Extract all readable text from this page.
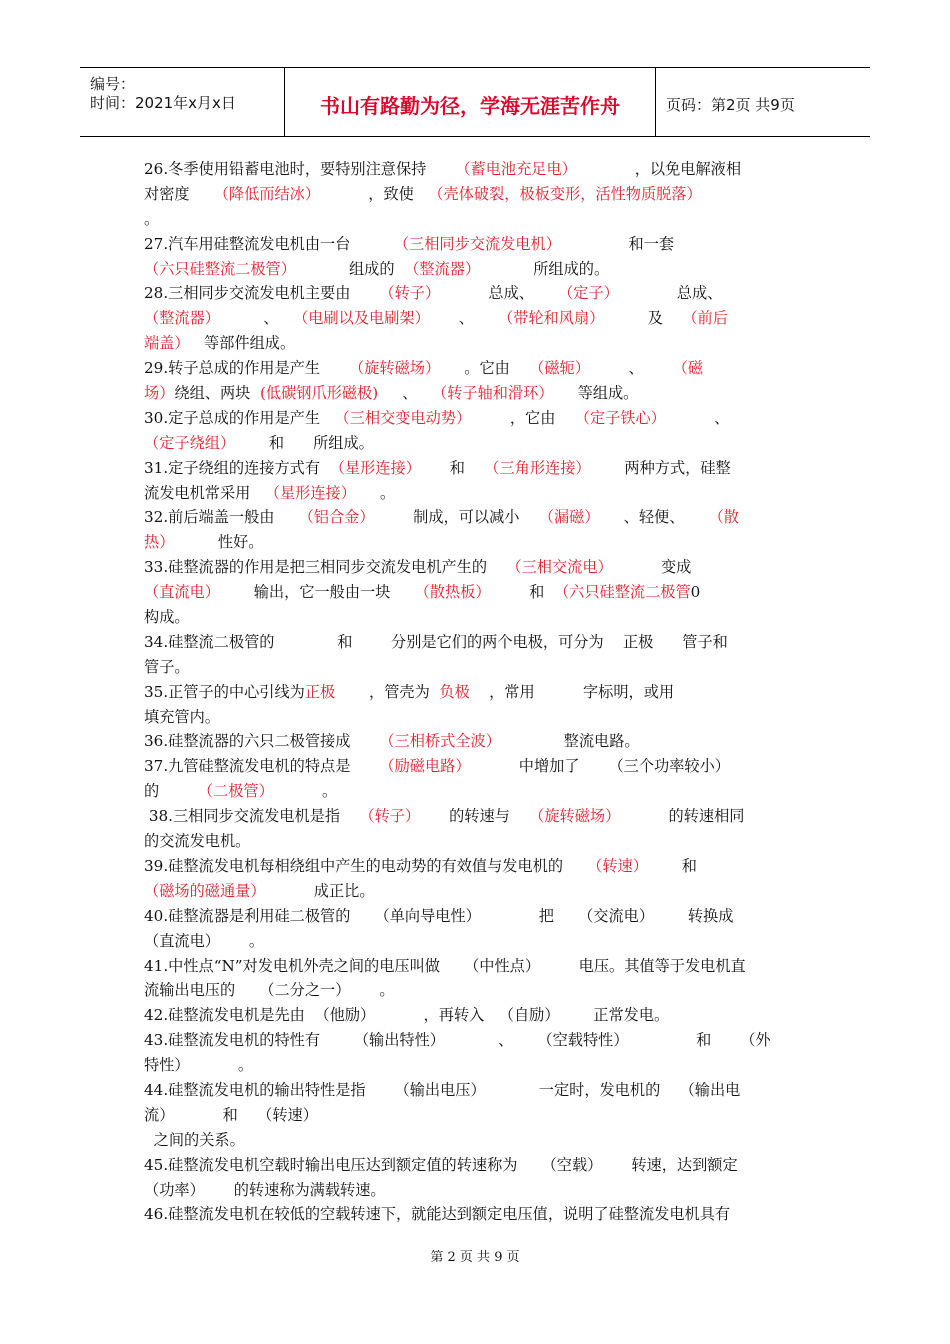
编号：
时间：2021年x月x日	书山有路勤为径，学海无涯苦作舟	页码：第2页 共9页
26.冬季使用铅蓄电池时，要特别注意保持      （蓄电池充足电）            ，以免电解液相
对密度     （降低而结冰）          ，致使   （壳体破裂，极板变形，活性物质脱落）
。
27.汽车用硅整流发电机由一台         （三相同步交流发电机）              和一套
（六只硅整流二极管）           组成的  （整流器）           所组成的。
28.三相同步交流发电机主要由      （转子）          总成、     （定子）            总成、
（整流器）         、   （电刷以及电刷架）      、     （带轮和风扇）         及    （前后
端盖）   等部件组成。
29.转子总成的作用是产生      （旋转磁场）     。它由    （磁轭）        、      （磁
场）绕组、两块  (低碳钢爪形磁极)     、   （转子轴和滑环）     等组成。
30.定子总成的作用是产生   （三相交变电动势）        ，它由    （定子铁心）          、
（定子绕组）       和      所组成。
31.定子绕组的连接方式有  （星形连接）      和    （三角形连接）       两种方式，硅整
流发电机常采用   （星形连接）     。
32.前后端盖一般由     （铝合金）        制成，可以减小    （漏磁）     、轻便、     （散
热）         性好。
33.硅整流器的作用是把三相同步交流发电机产生的    （三相交流电）          变成
（直流电）       输出，它一般由一块     （散热板）        和  （六只硅整流二极管0
构成。
34.硅整流二极管的             和        分别是它们的两个电极，可分为    正极      管子和
管子。
35.正管子的中心引线为正极       ，管壳为  负极    ，常用          字标明，或用
填充管内。
36.硅整流器的六只二极管接成      （三相桥式全波）             整流电路。
37.九管硅整流发电机的特点是      （励磁电路）          中增加了      （三个功率较小）
的        （二极管）          。
38.三相同步交流发电机是指    （转子）      的转速与    （旋转磁场）          的转速相同
的交流发电机。
39.硅整流发电机每相绕组中产生的电动势的有效值与发电机的     （转速）       和
（磁场的磁通量）          成正比。
40.硅整流器是利用硅二极管的     （单向导电性）            把     （交流电）       转换成
（直流电）      。
41.中性点“N”对发电机外壳之间的电压叫做     （中性点）        电压。其值等于发电机直
流输出电压的     （二分之一）      。
42.硅整流发电机是先由  （他励）          ，再转入   （自励）       正常发电。
43.硅整流发电机的特性有       （输出特性）           、     （空载特性）              和      （外
特性）          。
44.硅整流发电机的输出特性是指      （输出电压）           一定时，发电机的    （输出电
流）          和    （转速）
之间的关系。
45.硅整流发电机空载时输出电压达到额定值的转速称为     （空载）      转速，达到额定
（功率）      的转速称为满载转速。
46.硅整流发电机在较低的空载转速下，就能达到额定电压值，说明了硅整流发电机具有
第 2 页 共 9 页
